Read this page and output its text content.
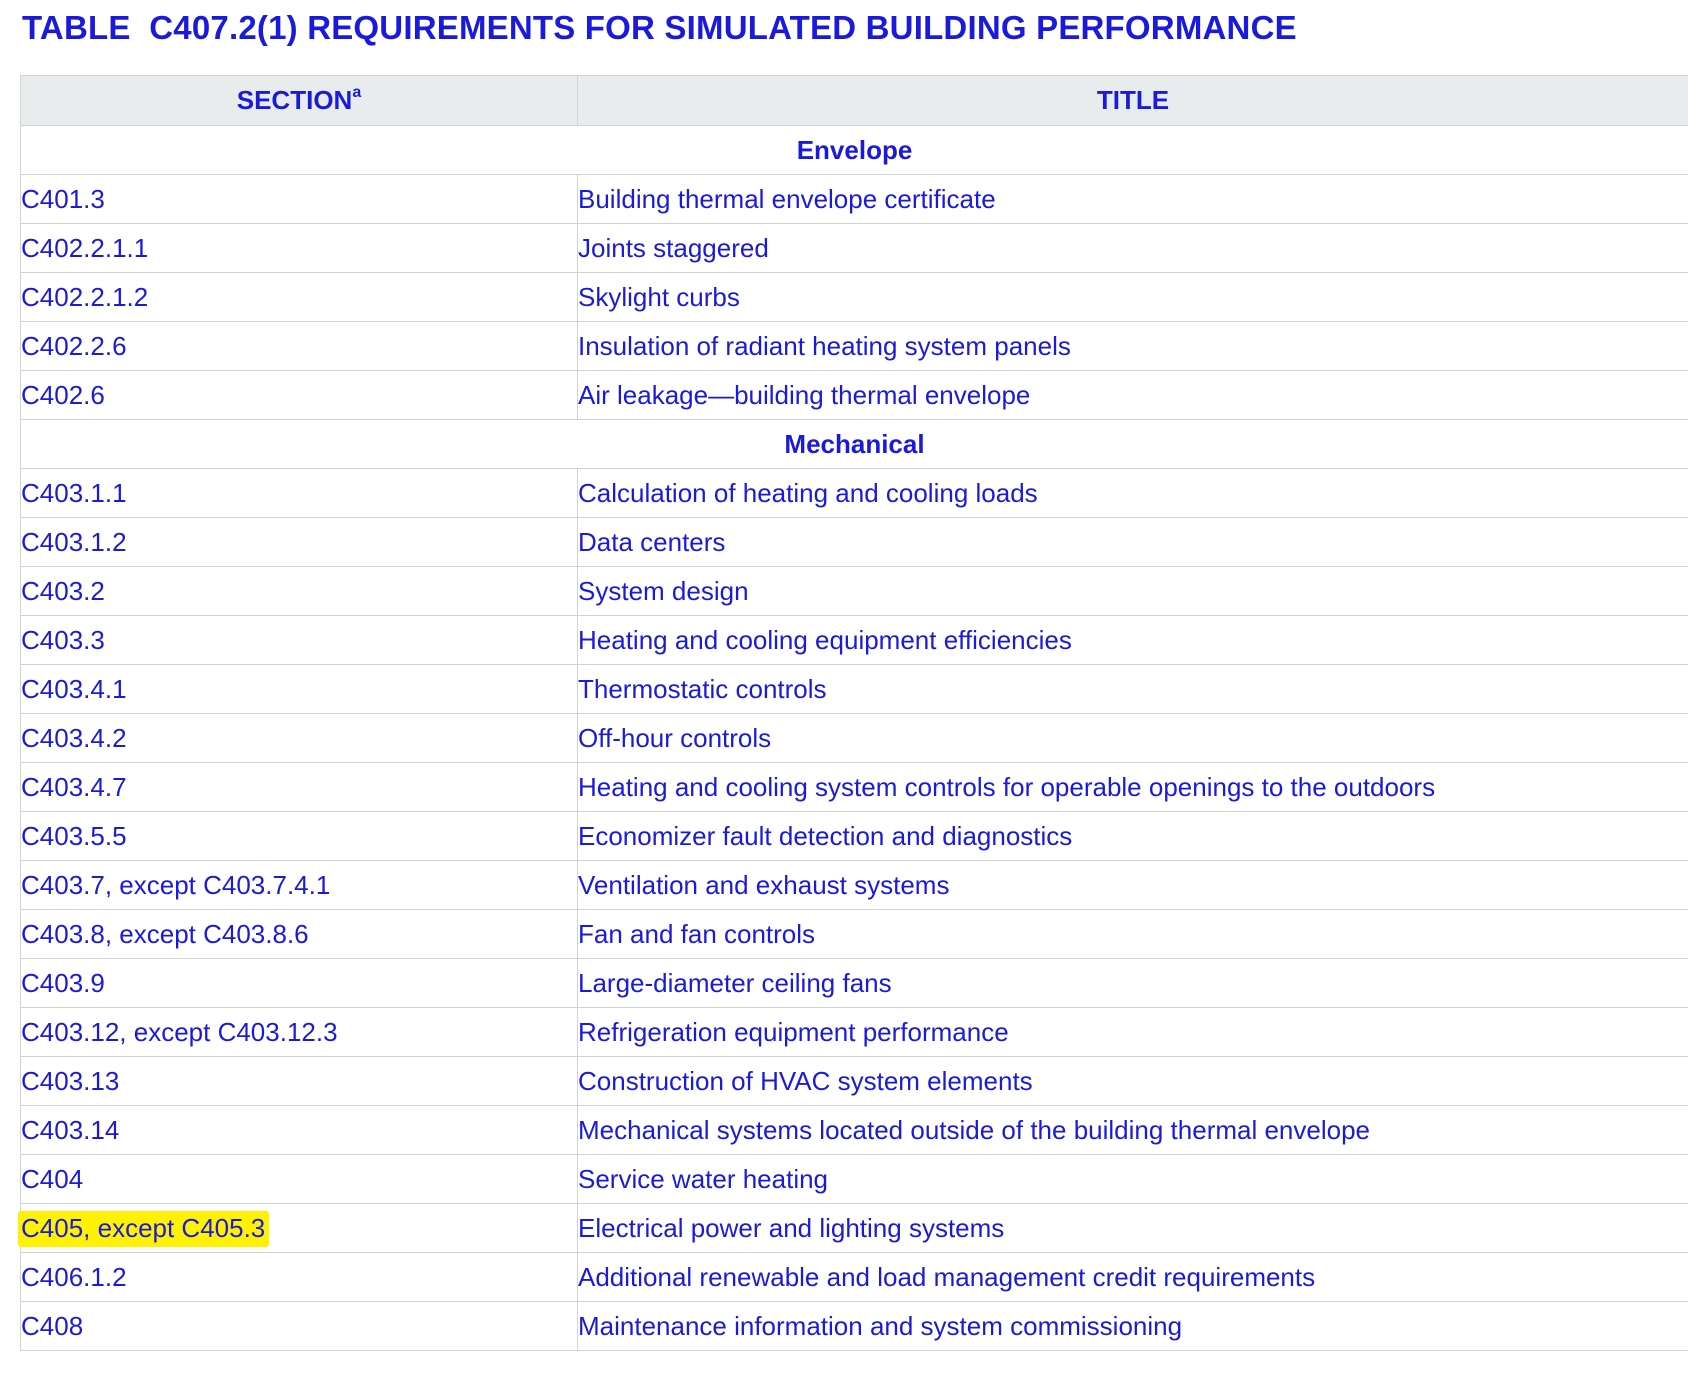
TABLE  C407.2(1) REQUIREMENTS FOR SIMULATED BUILDING PERFORMANCE
SECTION$^a$	TITLE
Envelope	
C401.3	Building thermal envelope certificate
C402.2.1.1	Joints staggered
C402.2.1.2	Skylight curbs
C402.2.6	Insulation of radiant heating system panels
C402.6	Air leakage—building thermal envelope
Mechanical	
C403.1.1	Calculation of heating and cooling loads
C403.1.2	Data centers
C403.2	System design
C403.3	Heating and cooling equipment efficiencies
C403.4.1	Thermostatic controls
C403.4.2	Off-hour controls
C403.4.7	Heating and cooling system controls for operable openings to the outdoors
C403.5.5	Economizer fault detection and diagnostics
C403.7, except C403.7.4.1	Ventilation and exhaust systems
C403.8, except C403.8.6	Fan and fan controls
C403.9	Large-diameter ceiling fans
C403.12, except C403.12.3	Refrigeration equipment performance
C403.13	Construction of HVAC system elements
C403.14	Mechanical systems located outside of the building thermal envelope
C404	Service water heating
C405, except C405.3	Electrical power and lighting systems
C406.1.2	Additional renewable and load management credit requirements
C408	Maintenance information and system commissioning
